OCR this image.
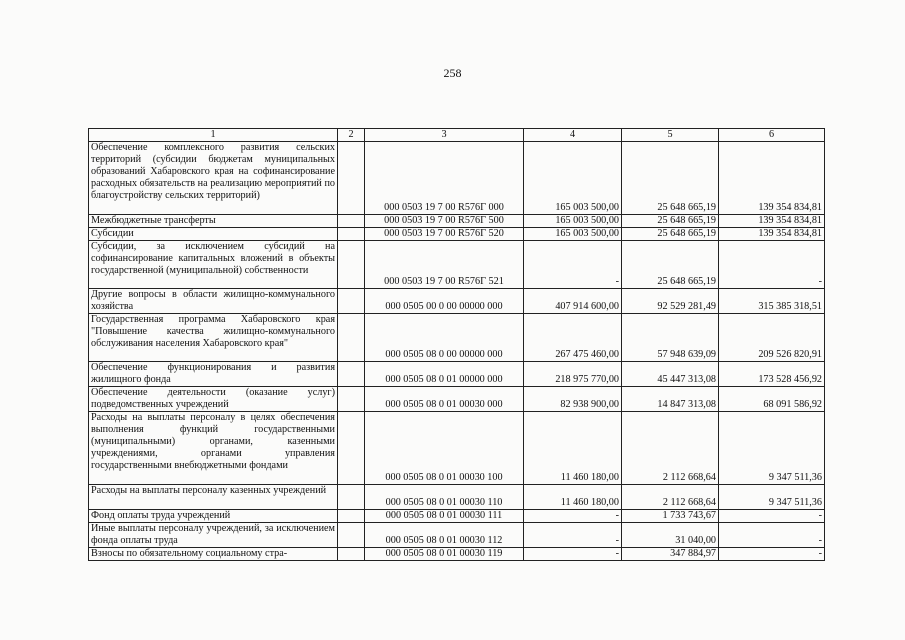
258
1	2	3	4	5	6
Обеспечение комплексного развития сельских территорий (субсидии бюджетам муниципальных образований Хабаровского края на софинансирование расходных обязательств на реализацию мероприятий по благоустройству сельских территорий)		000 0503 19 7 00 R576Г 000	165 003 500,00	25 648 665,19	139 354 834,81
Межбюджетные трансферты		000 0503 19 7 00 R576Г 500	165 003 500,00	25 648 665,19	139 354 834,81
Субсидии		000 0503 19 7 00 R576Г 520	165 003 500,00	25 648 665,19	139 354 834,81
Субсидии, за исключением субсидий на софинансирование капитальных вложений в объекты государственной (муниципальной) собственности		000 0503 19 7 00 R576Г 521	-	25 648 665,19	-
Другие вопросы в области жилищно-коммунального хозяйства		000 0505 00 0 00 00000 000	407 914 600,00	92 529 281,49	315 385 318,51
Государственная программа Хабаровского края "Повышение качества жилищно-коммунального обслуживания населения Хабаровского края"		000 0505 08 0 00 00000 000	267 475 460,00	57 948 639,09	209 526 820,91
Обеспечение функционирования и развития жилищного фонда		000 0505 08 0 01 00000 000	218 975 770,00	45 447 313,08	173 528 456,92
Обеспечение деятельности (оказание услуг) подведомственных учреждений		000 0505 08 0 01 00030 000	82 938 900,00	14 847 313,08	68 091 586,92
Расходы на выплаты персоналу в целях обеспечения выполнения функций государственными (муниципальными) органами, казенными учреждениями, органами управления государственными внебюджетными фондами		000 0505 08 0 01 00030 100	11 460 180,00	2 112 668,64	9 347 511,36
Расходы на выплаты персоналу казенных учреждений		000 0505 08 0 01 00030 110	11 460 180,00	2 112 668,64	9 347 511,36
Фонд оплаты труда учреждений		000 0505 08 0 01 00030 111	-	1 733 743,67	-
Иные выплаты персоналу учреждений, за исключением фонда оплаты труда		000 0505 08 0 01 00030 112	-	31 040,00	-
Взносы по обязательному социальному стра-		000 0505 08 0 01 00030 119	-	347 884,97	-
